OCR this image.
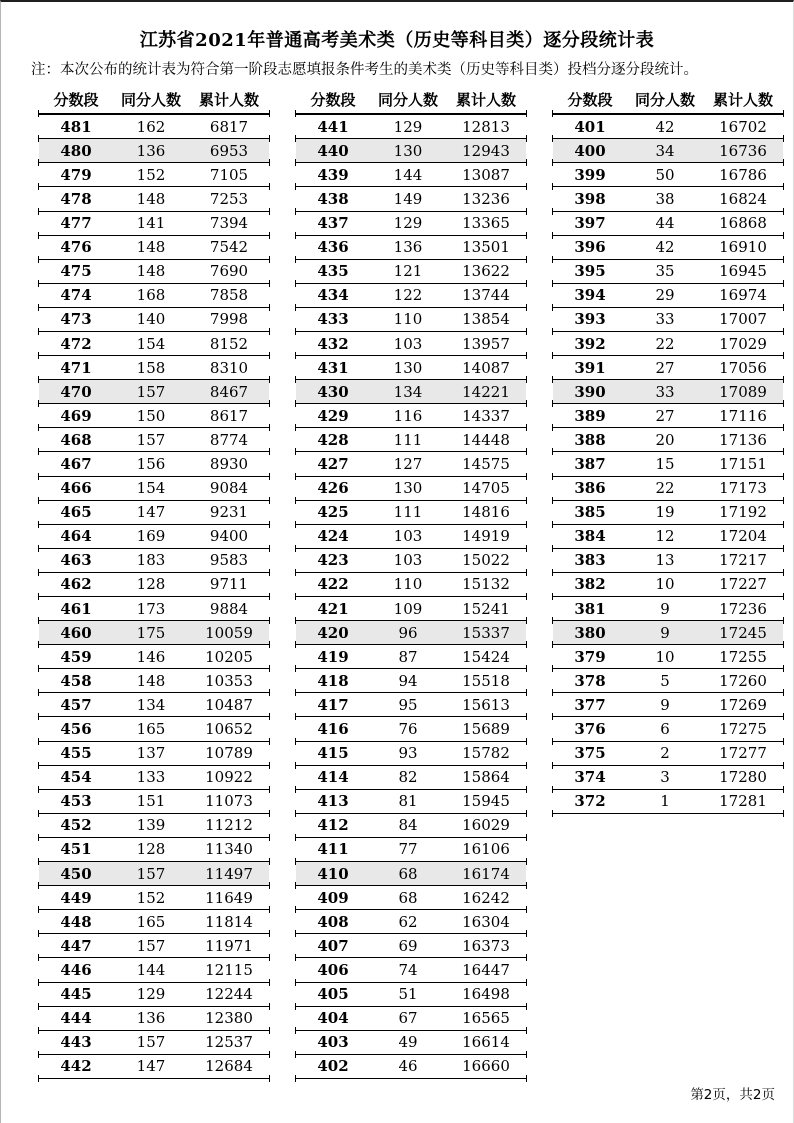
江苏省2021年普通高考美术类（历史等科目类）逐分段统计表
注：本次公布的统计表为符合第一阶段志愿填报条件考生的美术类（历史等科目类）投档分逐分段统计。
分数段	同分人数	累计人数
481	162	6817
480	136	6953
479	152	7105
478	148	7253
477	141	7394
476	148	7542
475	148	7690
474	168	7858
473	140	7998
472	154	8152
471	158	8310
470	157	8467
469	150	8617
468	157	8774
467	156	8930
466	154	9084
465	147	9231
464	169	9400
463	183	9583
462	128	9711
461	173	9884
460	175	10059
459	146	10205
458	148	10353
457	134	10487
456	165	10652
455	137	10789
454	133	10922
453	151	11073
452	139	11212
451	128	11340
450	157	11497
449	152	11649
448	165	11814
447	157	11971
446	144	12115
445	129	12244
444	136	12380
443	157	12537
442	147	12684
分数段	同分人数	累计人数
441	129	12813
440	130	12943
439	144	13087
438	149	13236
437	129	13365
436	136	13501
435	121	13622
434	122	13744
433	110	13854
432	103	13957
431	130	14087
430	134	14221
429	116	14337
428	111	14448
427	127	14575
426	130	14705
425	111	14816
424	103	14919
423	103	15022
422	110	15132
421	109	15241
420	96	15337
419	87	15424
418	94	15518
417	95	15613
416	76	15689
415	93	15782
414	82	15864
413	81	15945
412	84	16029
411	77	16106
410	68	16174
409	68	16242
408	62	16304
407	69	16373
406	74	16447
405	51	16498
404	67	16565
403	49	16614
402	46	16660
分数段	同分人数	累计人数
401	42	16702
400	34	16736
399	50	16786
398	38	16824
397	44	16868
396	42	16910
395	35	16945
394	29	16974
393	33	17007
392	22	17029
391	27	17056
390	33	17089
389	27	17116
388	20	17136
387	15	17151
386	22	17173
385	19	17192
384	12	17204
383	13	17217
382	10	17227
381	9	17236
380	9	17245
379	10	17255
378	5	17260
377	9	17269
376	6	17275
375	2	17277
374	3	17280
372	1	17281
第2页，共2页
